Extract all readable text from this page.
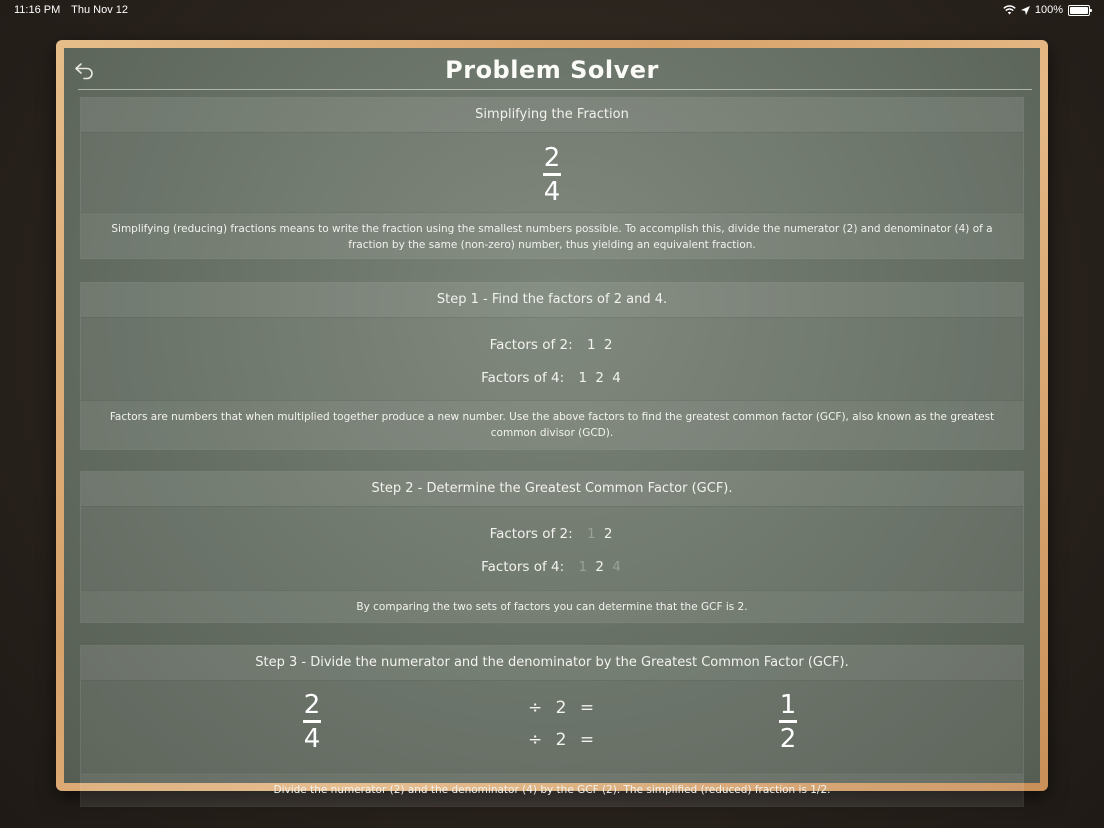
11:16 PM Thu Nov 12	100%
Problem Solver
Simplifying the Fraction
$\frac{2}{4}$
Simplifying (reducing) fractions means to write the fraction using the smallest numbers possible. To accomplish this, divide the numerator (2) and denominator (4) of a fraction by the same (non-zero) number, thus yielding an equivalent fraction.
Step 1 - Find the factors of 2 and 4.
Factors of 2: 1 2
Factors of 4: 1 2 4
Factors are numbers that when multiplied together produce a new number. Use the above factors to find the greatest common factor (GCF), also known as the greatest common divisor (GCD).
Step 2 - Determine the Greatest Common Factor (GCF).
Factors of 2: 1 2
Factors of 4: 1 2 4
By comparing the two sets of factors you can determine that the GCF is 2.
Step 3 - Divide the numerator and the denominator by the Greatest Common Factor (GCF).
$\frac{2}{4}$	÷ 2 =
÷ 2 =	$\frac{1}{2}$
Divide the numerator (2) and the denominator (4) by the GCF (2). The simplified (reduced) fraction is 1/2.
